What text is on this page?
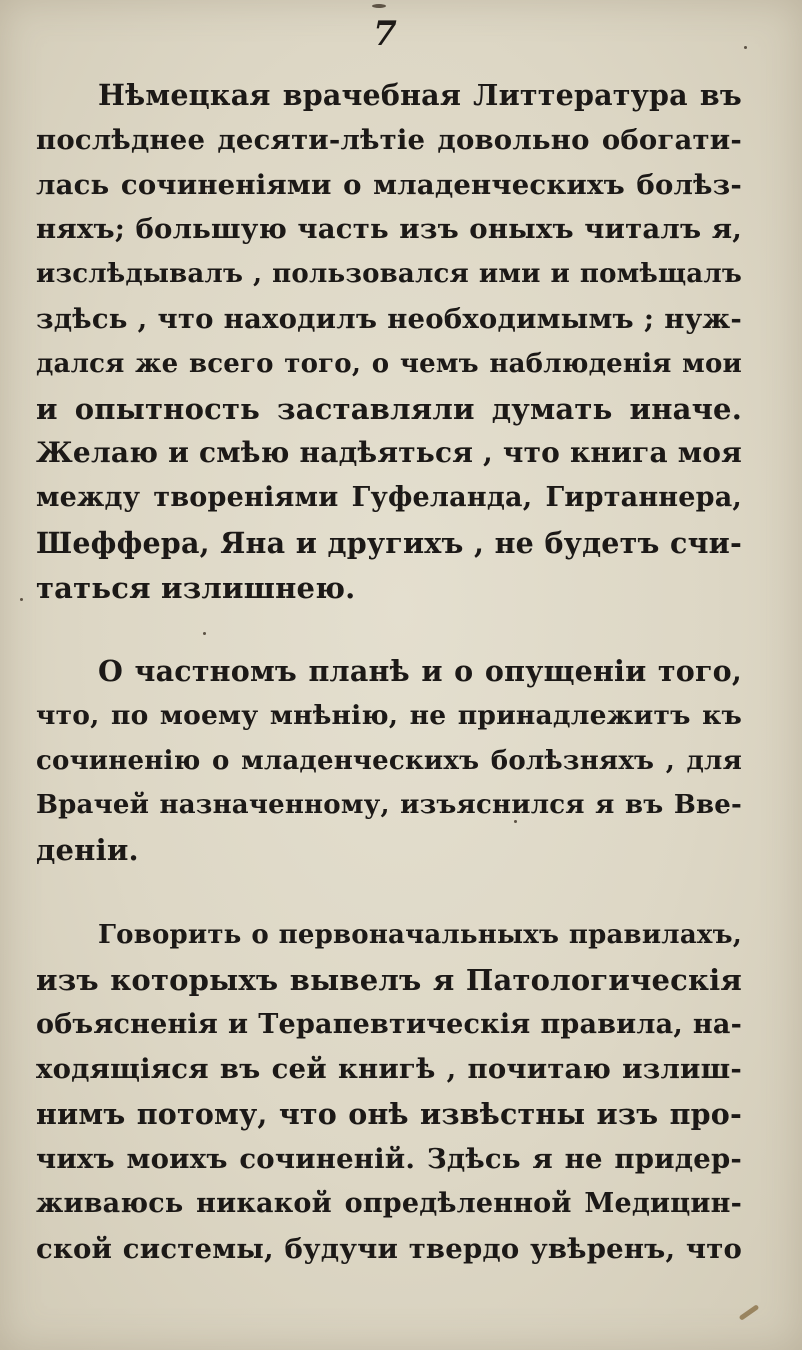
7

Нѣмецкая врачебная Литтература въ
послѣднее десяти-лѣтіе довольно обогати-
лась сочиненіями о младенческихъ болѣз-
няхъ; большую часть изъ оныхъ читалъ я,
изслѣдывалъ , пользовался ими и помѣщалъ
здѣсь , что находилъ необходимымъ ; нуж-
дался же всего того, о чемъ наблюденія мои
и опытность заставляли думать иначе.
Желаю и смѣю надѣяться , что книга моя
между твореніями Гуфеланда, Гиртаннера,
Шеффера, Яна и другихъ , не будетъ счи-
таться излишнею.

О частномъ планѣ и о опущеніи того,
что, по моему мнѣнію, не принадлежитъ къ
сочиненію о младенческихъ болѣзняхъ , для
Врачей назначенному, изъяснился я въ Вве-
деніи.

Говорить о первоначальныхъ правилахъ,
изъ которыхъ вывелъ я Патологическія
объясненія и Терапевтическія правила, на-
ходящіяся въ сей книгѣ , почитаю излиш-
нимъ потому, что онѣ извѣстны изъ про-
чихъ моихъ сочиненій. Здѣсь я не придер-
живаюсь никакой опредѣленной Медицин-
ской системы, будучи твердо увѣренъ, что
